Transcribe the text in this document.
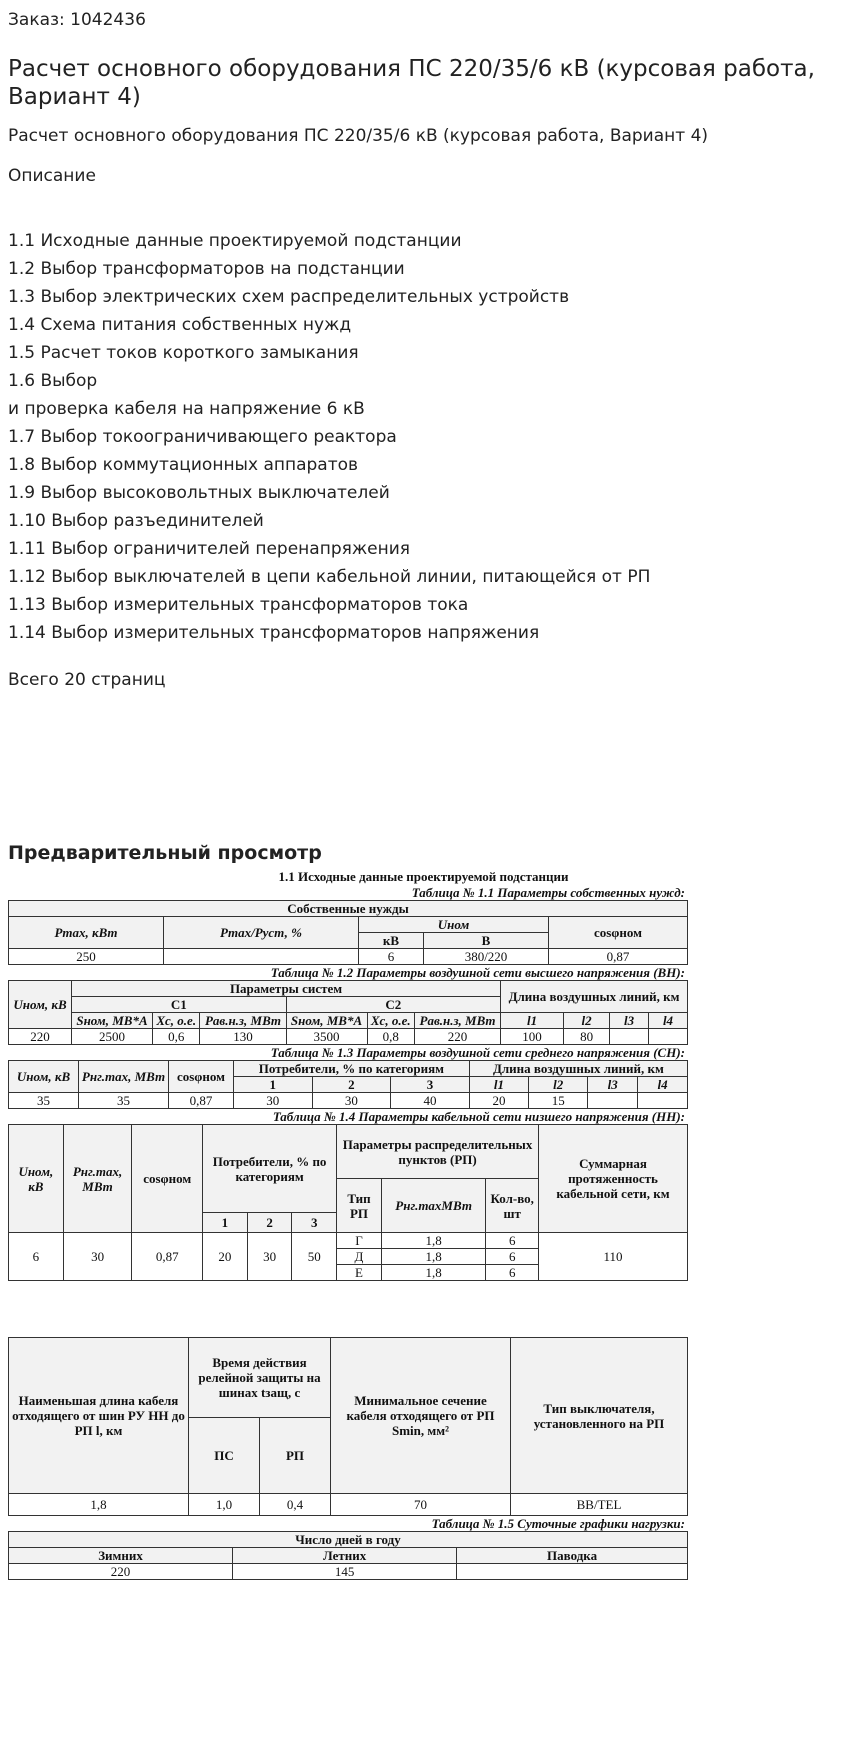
Заказ: 1042436
Расчет основного оборудования ПС 220/35/6 кВ (курсовая работа, Вариант 4)
Расчет основного оборудования ПС 220/35/6 кВ (курсовая работа, Вариант 4)
Описание
1.1 Исходные данные проектируемой подстанции
1.2 Выбор трансформаторов на подстанции
1.3 Выбор электрических схем распределительных устройств
1.4 Схема питания собственных нужд
1.5 Расчет токов короткого замыкания
1.6 Выбор
и проверка кабеля на напряжение 6 кВ
1.7 Выбор токоограничивающего реактора
1.8 Выбор коммутационных аппаратов
1.9 Выбор высоковольтных выключателей
1.10 Выбор разъединителей
1.11 Выбор ограничителей перенапряжения
1.12 Выбор выключателей в цепи кабельной линии, питающейся от РП
1.13 Выбор измерительных трансформаторов тока
1.14 Выбор измерительных трансформаторов напряжения
Всего 20 страниц
Предварительный просмотр
1.1 Исходные данные проектируемой подстанции
Таблица № 1.1 Параметры собственных нужд:
Собственные нужды				
Pmax, кВт	Pmax/Pуст, %	Uном		cosφном
		кВ	В	
250		6	380/220	0,87
Таблица № 1.2 Параметры воздушной сети высшего напряжения (ВН):
Uном, кВ	Параметры систем						Длина воздушных линий, км			
	С1			С2						
	Sном, МВ*А	Xс, о.е.	Pав.н.з, МВт	Sном, МВ*А	Xс, о.е.	Pав.н.з, МВт	l1	l2	l3	l4
220	2500	0,6	130	3500	0,8	220	100	80		
Таблица № 1.3 Параметры воздушной сети среднего напряжения (СН):
Uном, кВ	Pнг.max, МВт	cosφном	Потребители, % по категориям			Длина воздушных линий, км			
			1	2	3	l1	l2	l3	l4
35	35	0,87	30	30	40	20	15		
Таблица № 1.4 Параметры кабельной сети низшего напряжения (НН):
Uном, кВ	Pнг.max, МВт	cosφном	Потребители, % по категориям			Параметры распределительных пунктов (РП)			Суммарная протяженность кабельной сети, км
						Тип РП	Pнг.maxМВт	Кол-во, шт	
			1	2	3				
6	30	0,87	20	30	50	Г	1,8	6	110
						Д	1,8	6	
						Е	1,8	6	
Наименьшая длина кабеля отходящего от шин РУ НН до РП l, км	Время действия релейной защиты на шинах tзащ, с		Минимальное сечение кабеля отходящего от РП Smin, мм²	Тип выключателя, установленного на РП
	ПС	РП		
1,8	1,0	0,4	70	BB/TEL
Таблица № 1.5 Суточные графики нагрузки:
Число дней в году		
Зимних	Летних	Паводка
220	145	
